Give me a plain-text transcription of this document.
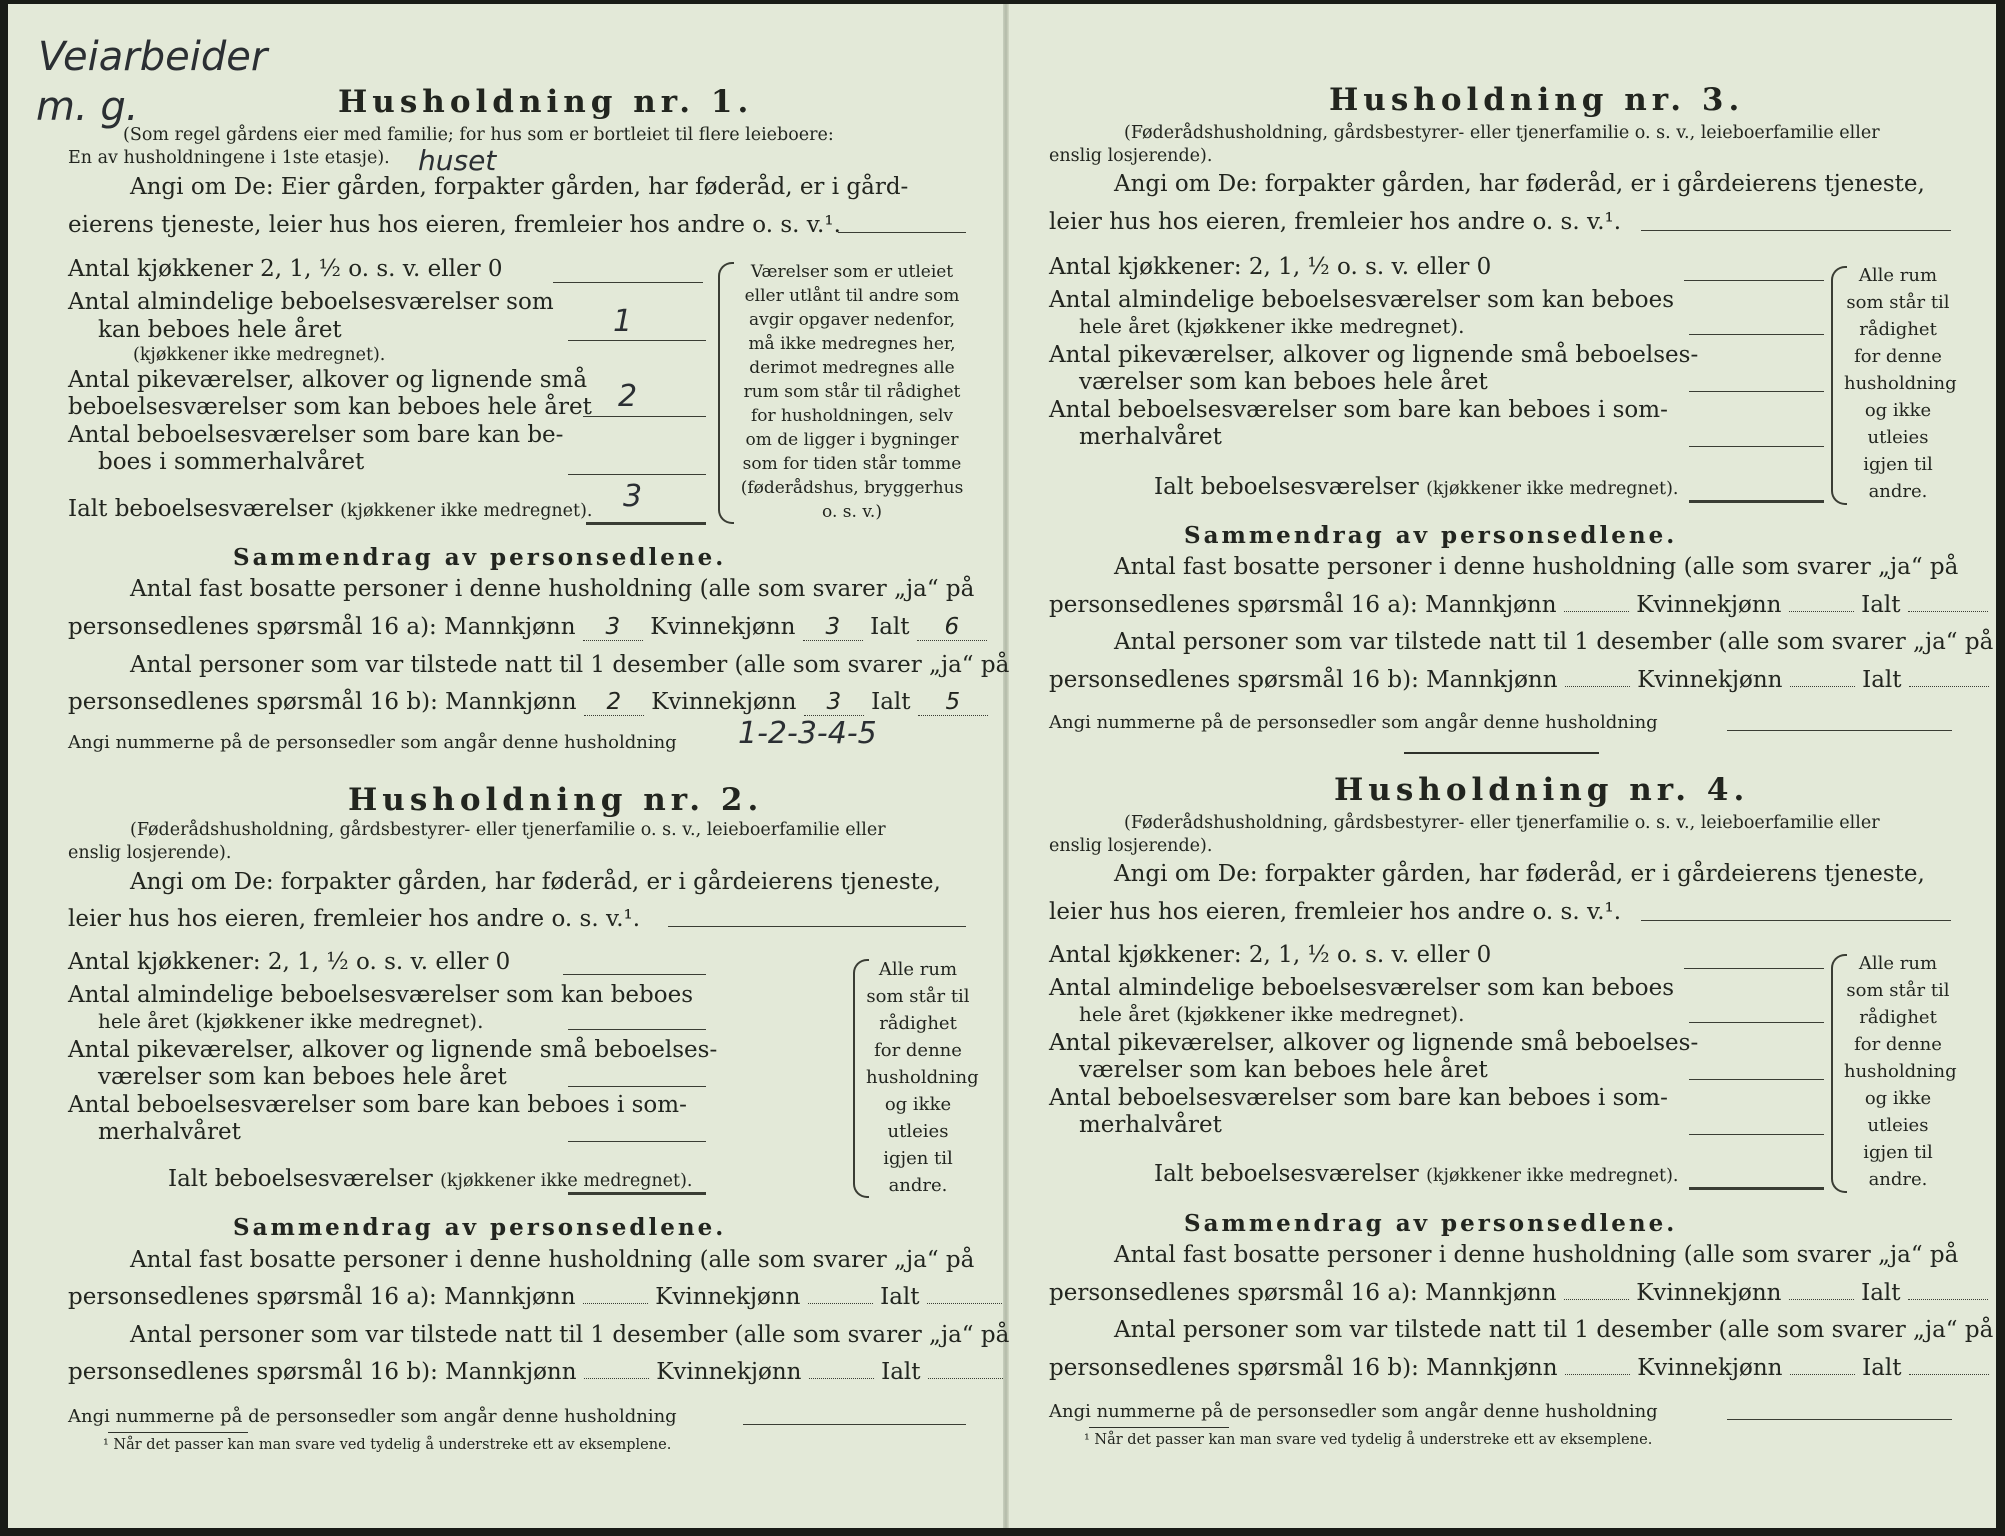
Veiarbeider
m. g.	Husholdning nr. 1.
(Som regel gårdens eier med familie; for hus som er bortleiet til flere leieboere:
En av husholdningene i 1ste etasje). huset
Angi om De: Eier gården, forpakter gården, har føderåd, er i gård-
eierens tjeneste, leier hus hos eieren, fremleier hos andre o. s. v.¹.
Antal kjøkkener 2, 1, ½ o. s. v. eller 0
Antal almindelige beboelsesværelser som
kan beboes hele året	1
(kjøkkener ikke medregnet).
Antal pikeværelser, alkover og lignende små
beboelsesværelser som kan beboes hele året 2
Antal beboelsesværelser som bare kan be-
boes i sommerhalvåret
Ialt beboelsesværelser (kjøkkener ikke medregnet). 3
Værelser som er utleiet eller utlånt til andre som avgir opgaver nedenfor, må ikke medregnes her, derimot medregnes alle rum som står til rådighet for husholdningen, selv om de ligger i bygninger som for tiden står tomme (føderådshus, bryggerhus o. s. v.)
Sammendrag av personsedlene.
Antal fast bosatte personer i denne husholdning (alle som svarer „ja“ på
personsedlenes spørsmål 16 a): Mannkjønn 3 Kvinnekjønn 3 Ialt 6
Antal personer som var tilstede natt til 1 desember (alle som svarer „ja“ på
personsedlenes spørsmål 16 b): Mannkjønn 2 Kvinnekjønn 3 Ialt 5
Angi nummerne på de personsedler som angår denne husholdning 1-2-3-4-5
Husholdning nr. 2.
(Føderådshusholdning, gårdsbestyrer- eller tjenerfamilie o. s. v., leieboerfamilie eller
enslig losjerende).
Angi om De: forpakter gården, har føderåd, er i gårdeierens tjeneste,
leier hus hos eieren, fremleier hos andre o. s. v.¹.
Antal kjøkkener: 2, 1, ½ o. s. v. eller 0
Antal almindelige beboelsesværelser som kan beboes
hele året (kjøkkener ikke medregnet).
Antal pikeværelser, alkover og lignende små beboelses-
værelser som kan beboes hele året
Antal beboelsesværelser som bare kan beboes i som-
merhalvåret
Ialt beboelsesværelser (kjøkkener ikke medregnet).
Alle rum som står til rådighet for denne husholdning og ikke utleies igjen til andre.
Sammendrag av personsedlene.
Antal fast bosatte personer i denne husholdning (alle som svarer „ja“ på
personsedlenes spørsmål 16 a): Mannkjønn	Kvinnekjønn	Ialt
Antal personer som var tilstede natt til 1 desember (alle som svarer „ja“ på
personsedlenes spørsmål 16 b): Mannkjønn	Kvinnekjønn	Ialt
Angi nummerne på de personsedler som angår denne husholdning
¹ Når det passer kan man svare ved tydelig å understreke ett av eksemplene.
Husholdning nr. 3.
(Føderådshusholdning, gårdsbestyrer- eller tjenerfamilie o. s. v., leieboerfamilie eller
enslig losjerende).
Angi om De: forpakter gården, har føderåd, er i gårdeierens tjeneste,
leier hus hos eieren, fremleier hos andre o. s. v.¹.
Antal kjøkkener: 2, 1, ½ o. s. v. eller 0
Antal almindelige beboelsesværelser som kan beboes
hele året (kjøkkener ikke medregnet).
Antal pikeværelser, alkover og lignende små beboelses-
værelser som kan beboes hele året
Antal beboelsesværelser som bare kan beboes i som-
merhalvåret
Ialt beboelsesværelser (kjøkkener ikke medregnet).
Alle rum som står til rådighet for denne husholdning og ikke utleies igjen til andre.
Sammendrag av personsedlene.
Antal fast bosatte personer i denne husholdning (alle som svarer „ja“ på
personsedlenes spørsmål 16 a): Mannkjønn	Kvinnekjønn	Ialt
Antal personer som var tilstede natt til 1 desember (alle som svarer „ja“ på
personsedlenes spørsmål 16 b): Mannkjønn	Kvinnekjønn	Ialt
Angi nummerne på de personsedler som angår denne husholdning
Husholdning nr. 4.
(Føderådshusholdning, gårdsbestyrer- eller tjenerfamilie o. s. v., leieboerfamilie eller
enslig losjerende).
Angi om De: forpakter gården, har føderåd, er i gårdeierens tjeneste,
leier hus hos eieren, fremleier hos andre o. s. v.¹.
Antal kjøkkener: 2, 1, ½ o. s. v. eller 0
Antal almindelige beboelsesværelser som kan beboes
hele året (kjøkkener ikke medregnet).
Antal pikeværelser, alkover og lignende små beboelses-
værelser som kan beboes hele året
Antal beboelsesværelser som bare kan beboes i som-
merhalvåret
Ialt beboelsesværelser (kjøkkener ikke medregnet).
Alle rum som står til rådighet for denne husholdning og ikke utleies igjen til andre.
Sammendrag av personsedlene.
Antal fast bosatte personer i denne husholdning (alle som svarer „ja“ på
personsedlenes spørsmål 16 a): Mannkjønn	Kvinnekjønn	Ialt
Antal personer som var tilstede natt til 1 desember (alle som svarer „ja“ på
personsedlenes spørsmål 16 b): Mannkjønn	Kvinnekjønn	Ialt
Angi nummerne på de personsedler som angår denne husholdning
¹ Når det passer kan man svare ved tydelig å understreke ett av eksemplene.
